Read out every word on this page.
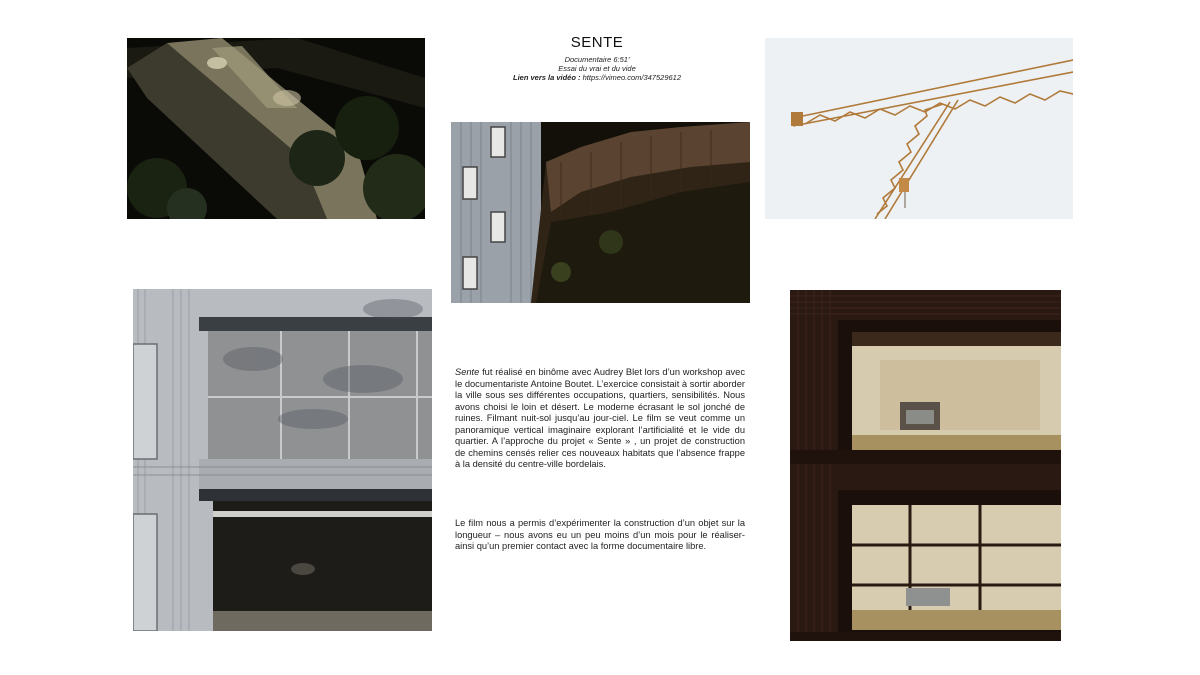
SENTE
Documentaire 6:51'
Essai du vrai et du vide
Lien vers la vidéo : https://vimeo.com/347529612
Sente fut réalisé en binôme avec Audrey Blet lors d’un workshop avec le documentariste Antoine Boutet. L’exercice consistait à sortir aborder la ville sous ses différentes occupations, quartiers, sensibilités. Nous avons choisi le loin et désert. Le moderne écrasant le sol jonché de ruines. Filmant nuit-sol jusqu’au jour-ciel. Le film se veut comme un panoramique vertical imaginaire explorant l’artificialité et le vide du quartier. A l’approche du projet « Sente » , un projet de construction de chemins censés relier ces nouveaux habitats que l’absence frappe à la densité du centre-ville bordelais.
Le film nous a permis d’expérimenter la construction d’un objet sur la longueur – nous avons eu un peu moins d’un mois pour le réaliser- ainsi qu’un premier contact avec la forme documentaire libre.
